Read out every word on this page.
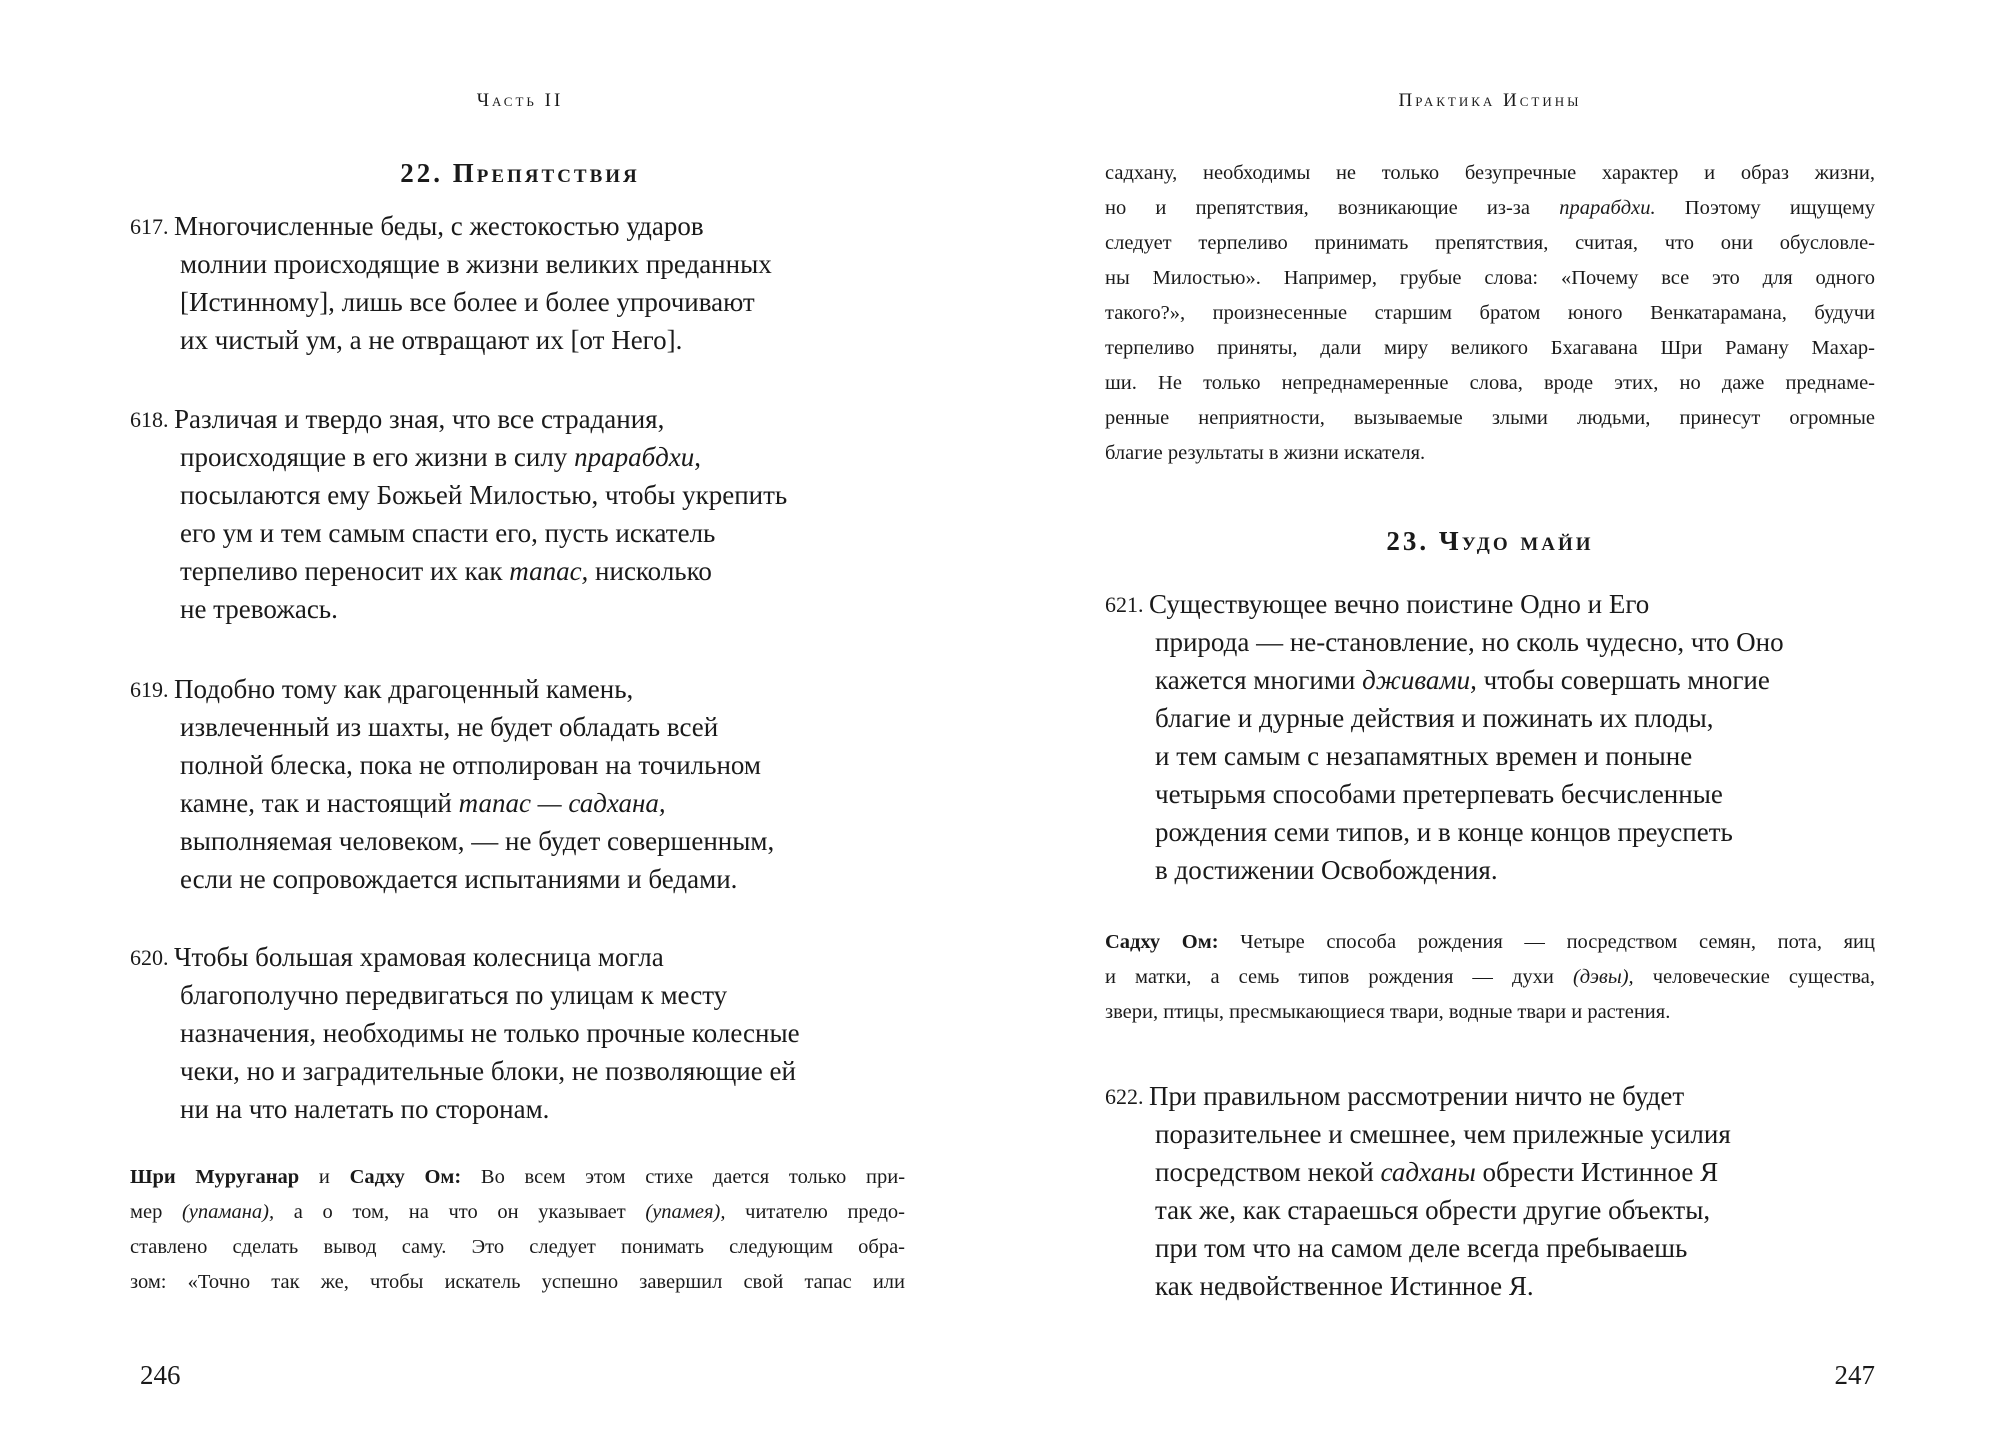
Часть II
22. Препятствия
617. Многочисленные беды, с жестокостью ударов
молнии происходящие в жизни великих преданных
[Истинному], лишь все более и более упрочивают
их чистый ум, а не отвращают их [от Него].
618. Различая и твердо зная, что все страдания,
происходящие в его жизни в силу прарабдхи,
посылаются ему Божьей Милостью, чтобы укрепить
его ум и тем самым спасти его, пусть искатель
терпеливо переносит их как тапас, нисколько
не тревожась.
619. Подобно тому как драгоценный камень,
извлеченный из шахты, не будет обладать всей
полной блеска, пока не отполирован на точильном
камне, так и настоящий тапас — садхана,
выполняемая человеком, — не будет совершенным,
если не сопровождается испытаниями и бедами.
620. Чтобы большая храмовая колесница могла
благополучно передвигаться по улицам к месту
назначения, необходимы не только прочные колесные
чеки, но и заградительные блоки, не позволяющие ей
ни на что налетать по сторонам.
Шри Муруганар и Садху Ом: Во всем этом стихе дается только при-
мер (упамана), а о том, на что он указывает (упамея), читателю предо-
ставлено сделать вывод саму. Это следует понимать следующим обра-
зом: «Точно так же, чтобы искатель успешно завершил свой тапас или
246
Практика Истины
садхану, необходимы не только безупречные характер и образ жизни,
но и препятствия, возникающие из-за прарабдхи. Поэтому ищущему
следует терпеливо принимать препятствия, считая, что они обусловле-
ны Милостью». Например, грубые слова: «Почему все это для одного
такого?», произнесенные старшим братом юного Венкатарамана, будучи
терпеливо приняты, дали миру великого Бхагавана Шри Раману Махар-
ши. Не только непреднамеренные слова, вроде этих, но даже преднаме-
ренные неприятности, вызываемые злыми людьми, принесут огромные
благие результаты в жизни искателя.
23. Чудо майи
621. Существующее вечно поистине Одно и Его
природа — не-становление, но сколь чудесно, что Оно
кажется многими дживами, чтобы совершать многие
благие и дурные действия и пожинать их плоды,
и тем самым с незапамятных времен и поныне
четырьмя способами претерпевать бесчисленные
рождения семи типов, и в конце концов преуспеть
в достижении Освобождения.
Садху Ом: Четыре способа рождения — посредством семян, пота, яиц
и матки, а семь типов рождения — духи (дэвы), человеческие существа,
звери, птицы, пресмыкающиеся твари, водные твари и растения.
622. При правильном рассмотрении ничто не будет
поразительнее и смешнее, чем прилежные усилия
посредством некой садханы обрести Истинное Я
так же, как стараешься обрести другие объекты,
при том что на самом деле всегда пребываешь
как недвойственное Истинное Я.
247
